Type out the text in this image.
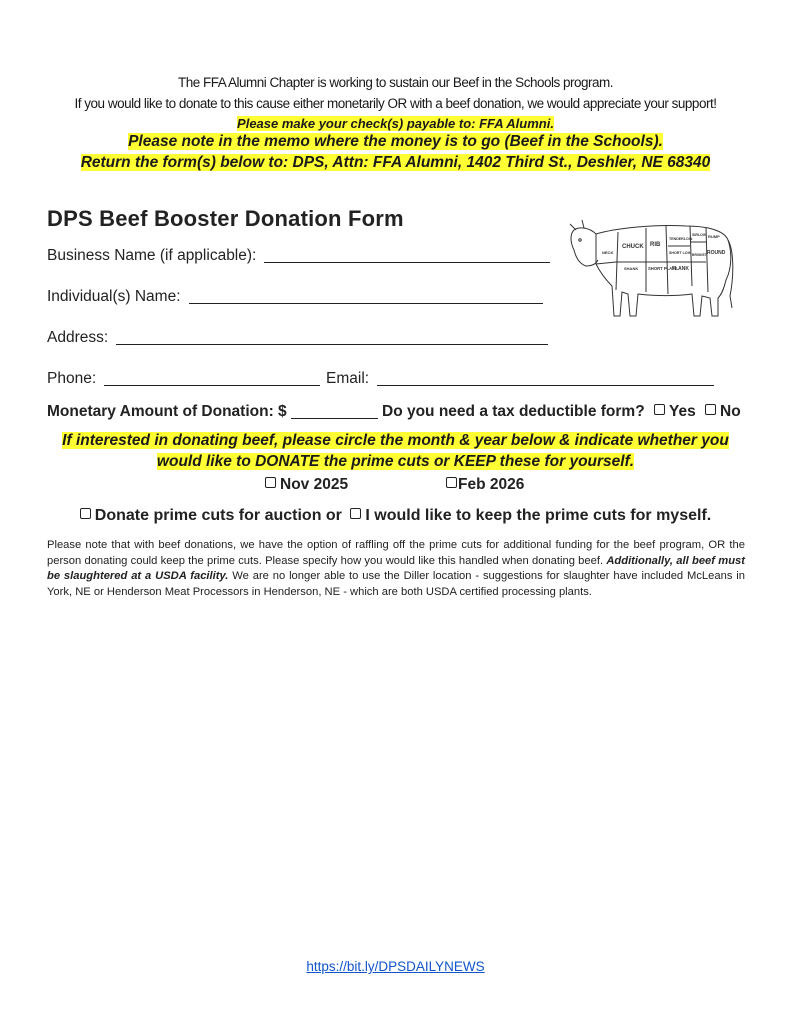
The FFA Alumni Chapter is working to sustain our Beef in the Schools program.
If you would like to donate to this cause either monetarily OR with a beef donation, we would appreciate your support!
Please make your check(s) payable to: FFA Alumni.
Please note in the memo where the money is to go (Beef in the Schools).
Return the form(s) below to: DPS, Attn: FFA Alumni, 1402 Third St., Deshler, NE 68340
DPS Beef Booster Donation Form
CHUCK RIB
SHORT LOIN
TENDERLOIN
SIRLOIN RUMP
ROUND
NECK	BRISKET
SHANK SHORT PLATE
FLANK
Business Name (if applicable):
Individual(s) Name:
Address:
Phone:	Email:
Monetary Amount of Donation: $	Do you need a tax deductible form? Yes No
If interested in donating beef, please circle the month & year below & indicate whether you
would like to DONATE the prime cuts or KEEP these for yourself.
Nov 2025	Feb 2026
Donate prime cuts for auction or I would like to keep the prime cuts for myself.
Please note that with beef donations, we have the option of raffling off the prime cuts for additional funding for the beef program, OR the person donating could keep the prime cuts. Please specify how you would like this handled when donating beef. Additionally, all beef must be slaughtered at a USDA facility. We are no longer able to use the Diller location - suggestions for slaughter have included McLeans in York, NE or Henderson Meat Processors in Henderson, NE - which are both USDA certified processing plants.
https://bit.ly/DPSDAILYNEWS
